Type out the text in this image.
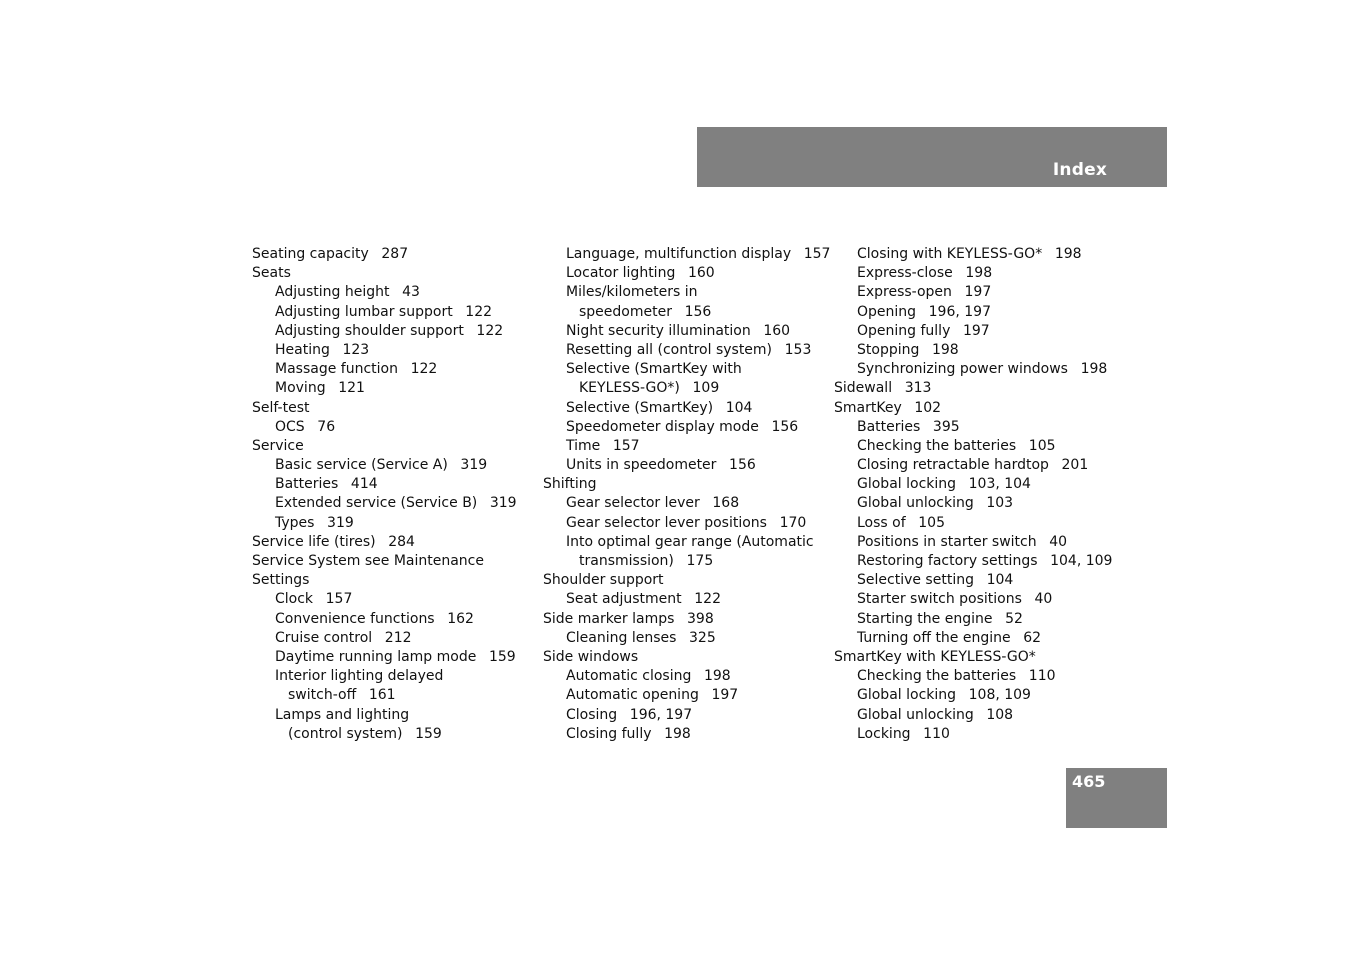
Index
Seating capacity 287
Seats
Adjusting height 43
Adjusting lumbar support 122
Adjusting shoulder support 122
Heating 123
Massage function 122
Moving 121
Self-test
OCS 76
Service
Basic service (Service A) 319
Batteries 414
Extended service (Service B) 319
Types 319
Service life (tires) 284
Service System see Maintenance
Settings
Clock 157
Convenience functions 162
Cruise control 212
Daytime running lamp mode 159
Interior lighting delayed
switch-off 161
Lamps and lighting
(control system) 159
Language, multifunction display 157
Locator lighting 160
Miles/kilometers in
speedometer 156
Night security illumination 160
Resetting all (control system) 153
Selective (SmartKey with
KEYLESS-GO*) 109
Selective (SmartKey) 104
Speedometer display mode 156
Time 157
Units in speedometer 156
Shifting
Gear selector lever 168
Gear selector lever positions 170
Into optimal gear range (Automatic
transmission) 175
Shoulder support
Seat adjustment 122
Side marker lamps 398
Cleaning lenses 325
Side windows
Automatic closing 198
Automatic opening 197
Closing 196, 197
Closing fully 198
Closing with KEYLESS-GO* 198
Express-close 198
Express-open 197
Opening 196, 197
Opening fully 197
Stopping 198
Synchronizing power windows 198
Sidewall 313
SmartKey 102
Batteries 395
Checking the batteries 105
Closing retractable hardtop 201
Global locking 103, 104
Global unlocking 103
Loss of 105
Positions in starter switch 40
Restoring factory settings 104, 109
Selective setting 104
Starter switch positions 40
Starting the engine 52
Turning off the engine 62
SmartKey with KEYLESS-GO*
Checking the batteries 110
Global locking 108, 109
Global unlocking 108
Locking 110
465
